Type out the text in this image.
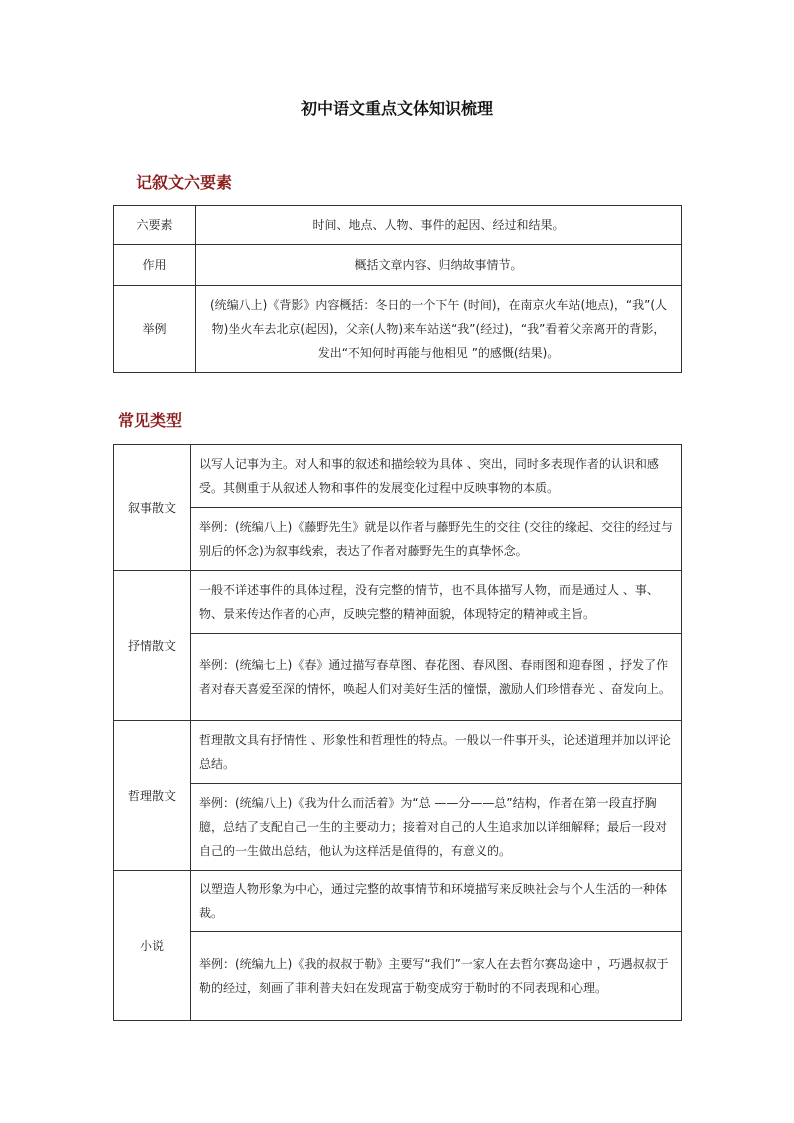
初中语文重点文体知识梳理
记叙文六要素
六要素	时间、地点、人物、事件的起因、经过和结果。
作用	概括文章内容、归纳故事情节。
举例	(统编八上)《背影》内容概括：冬日的一个下午 (时间)，在南京火车站(地点)，“我”(人物)坐火车去北京(起因)，父亲(人物)来车站送“我”(经过)，“我”看着父亲离开的背影，发出“不知何时再能与他相见 ”的感慨(结果)。
常见类型
叙事散文	以写人记事为主。对人和事的叙述和描绘较为具体 、突出，同时多表现作者的认识和感受。其侧重于从叙述人物和事件的发展变化过程中反映事物的本质。
	举例：(统编八上)《藤野先生》就是以作者与藤野先生的交往 (交往的缘起、交往的经过与别后的怀念)为叙事线索，表达了作者对藤野先生的真挚怀念。
抒情散文	一般不详述事件的具体过程，没有完整的情节，也不具体描写人物，而是通过人 、事、物、景来传达作者的心声，反映完整的精神面貌，体现特定的精神或主旨。
	举例：(统编七上)《春》通过描写春草图、春花图、春风图、春雨图和迎春图 ，抒发了作者对春天喜爱至深的情怀，唤起人们对美好生活的憧憬，激励人们珍惜春光 、奋发向上。
哲理散文	哲理散文具有抒情性 、形象性和哲理性的特点。一般以一件事开头，论述道理并加以评论总结。
	举例：(统编八上)《我为什么而活着》为“总 ——分——总”结构，作者在第一段直抒胸臆，总结了支配自己一生的主要动力；接着对自己的人生追求加以详细解释；最后一段对自己的一生做出总结，他认为这样活是值得的，有意义的。
小说	以塑造人物形象为中心，通过完整的故事情节和环境描写来反映社会与个人生活的一种体裁。
	举例：(统编九上)《我的叔叔于勒》主要写“我们”一家人在去哲尔赛岛途中 ，巧遇叔叔于勒的经过，刻画了菲利普夫妇在发现富于勒变成穷于勒时的不同表现和心理。
